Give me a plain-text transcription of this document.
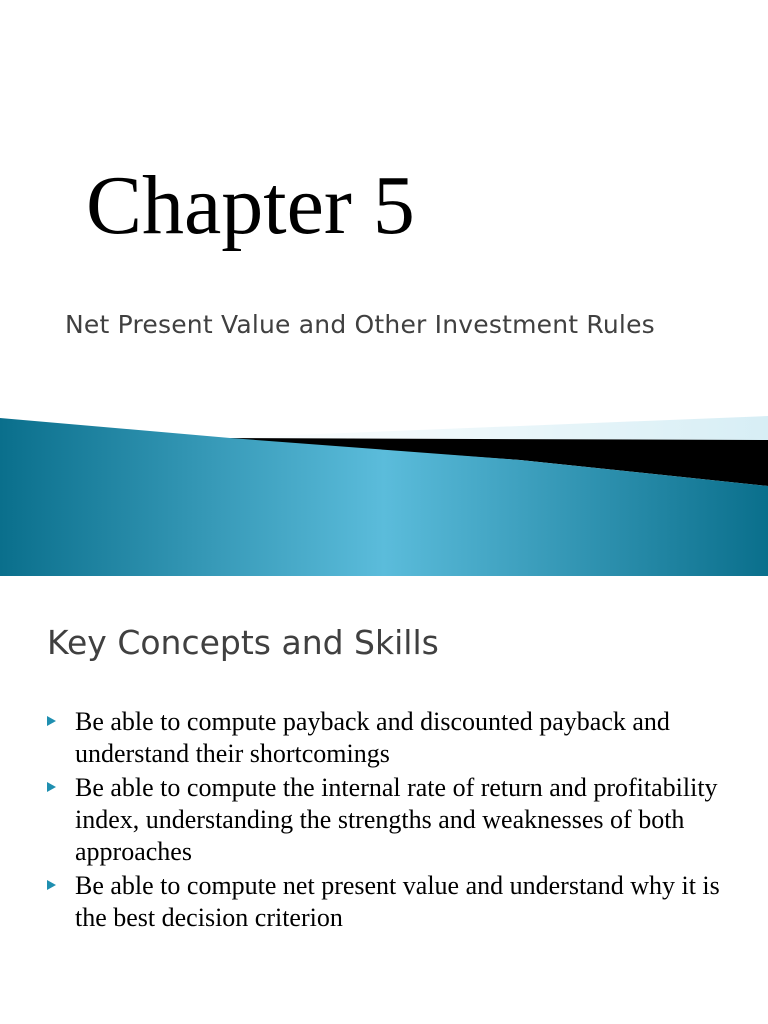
Chapter 5

Net Present Value and Other Investment Rules

Key Concepts and Skills
Be able to compute payback and discounted payback and understand their shortcomings
Be able to compute the internal rate of return and profitability index, understanding the strengths and weaknesses of both approaches
Be able to compute net present value and understand why it is the best decision criterion
